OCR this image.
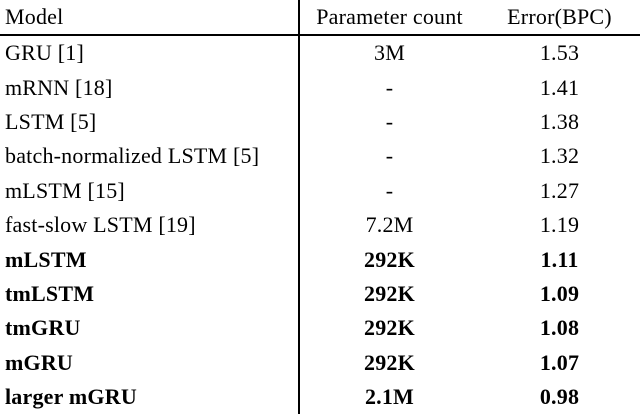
Model	Parameter count	Error(BPC)
GRU [1]	3M	1.53
mRNN [18]	-	1.41
LSTM [5]	-	1.38
batch-normalized LSTM [5]	-	1.32
mLSTM [15]	-	1.27
fast-slow LSTM [19]	7.2M	1.19
mLSTM	292K	1.11
tmLSTM	292K	1.09
tmGRU	292K	1.08
mGRU	292K	1.07
larger mGRU	2.1M	0.98
